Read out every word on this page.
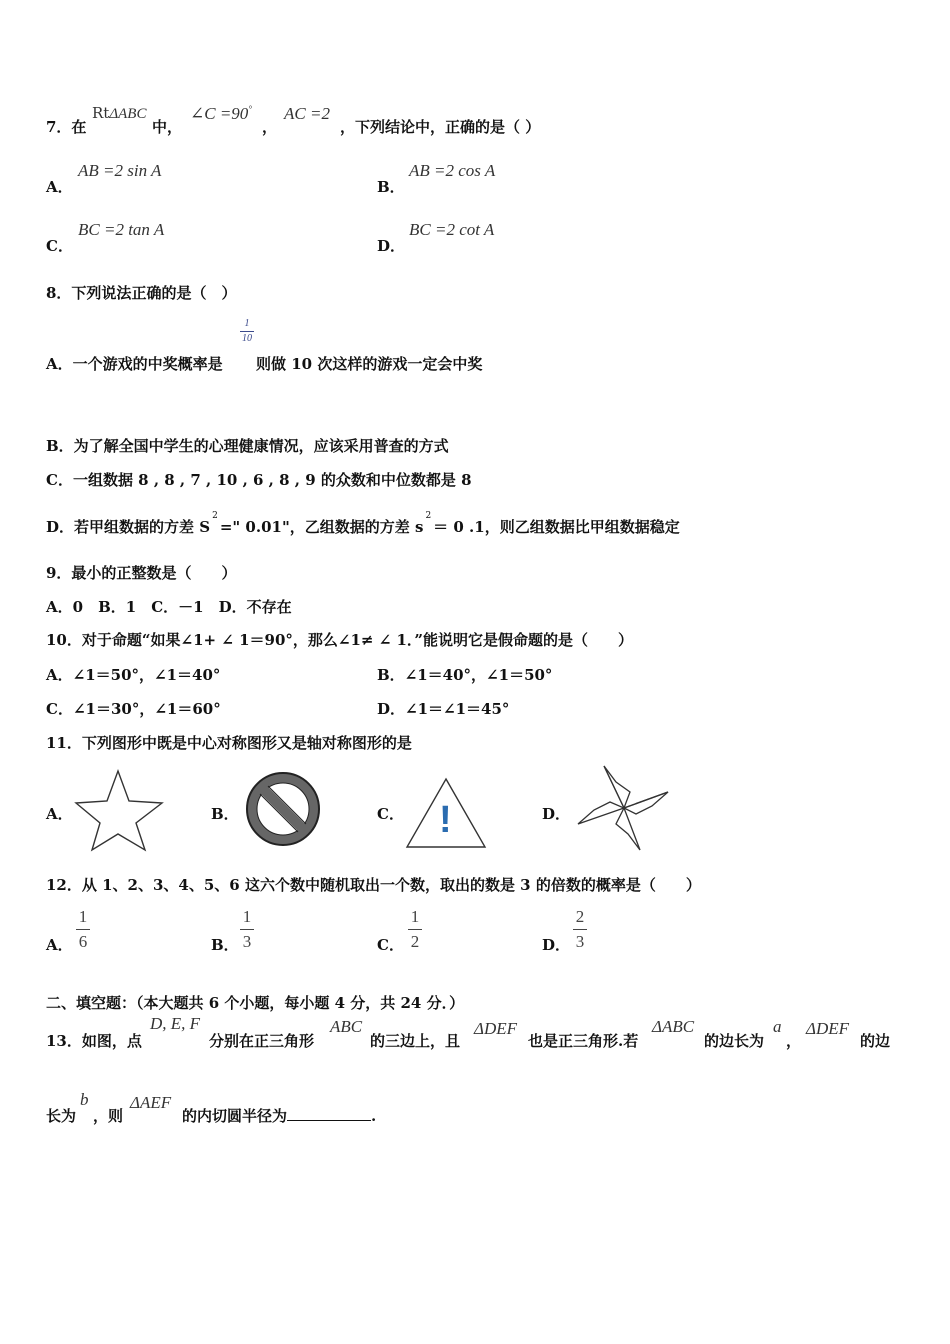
7．在
RtΔABC
中，
∠C =90°
，
AC =2
，下列结论中，正确的是（ ）
A．
AB =2 sin A
B．
AB =2 cos A
C．
BC =2 tan A
D．
BC =2 cot A
8．下列说法正确的是（　）
A．一个游戏的中奖概率是
1
10
则做 10 次这样的游戏一定会中奖
B．为了解全国中学生的心理健康情况，应该采用普查的方式
C．一组数据 8 , 8 , 7 , 10 , 6 , 8 , 9 的众数和中位数都是 8
D．若甲组数据的方差 $S^2=$" 0.01"，乙组数据的方差 $s^2= 0$ .1，则乙组数据比甲组数据稳定
9．最小的正整数是（　　）
A．0　B．1　C．－1　D．不存在
10．对于命题“如果∠1+ ∠ 1＝90°，那么∠1≠ ∠ 1．”能说明它是假命题的是（　　）
A．∠1＝50°，∠1＝40°	B．∠1＝40°，∠1＝50°
C．∠1＝30°，∠1＝60°	D．∠1＝∠1＝45°
11．下列图形中既是中心对称图形又是轴对称图形的是
A．	B．	C． !	D．
12．从 1、2、3、4、5、6 这六个数中随机取出一个数，取出的数是 3 的倍数的概率是（　　）
A．
1
6	B．
1
3	C．
1
2	D．
2
3
二、填空题：（本大题共 6 个小题，每小题 4 分，共 24 分．）
13．如图，点
D, E, F
分别在正三角形
ABC
的三边上，且
ΔDEF
也是正三角形.若
ΔABC
的边长为
a
，
ΔDEF
的边
长为
b
，则
ΔAEF
的内切圆半径为	.
